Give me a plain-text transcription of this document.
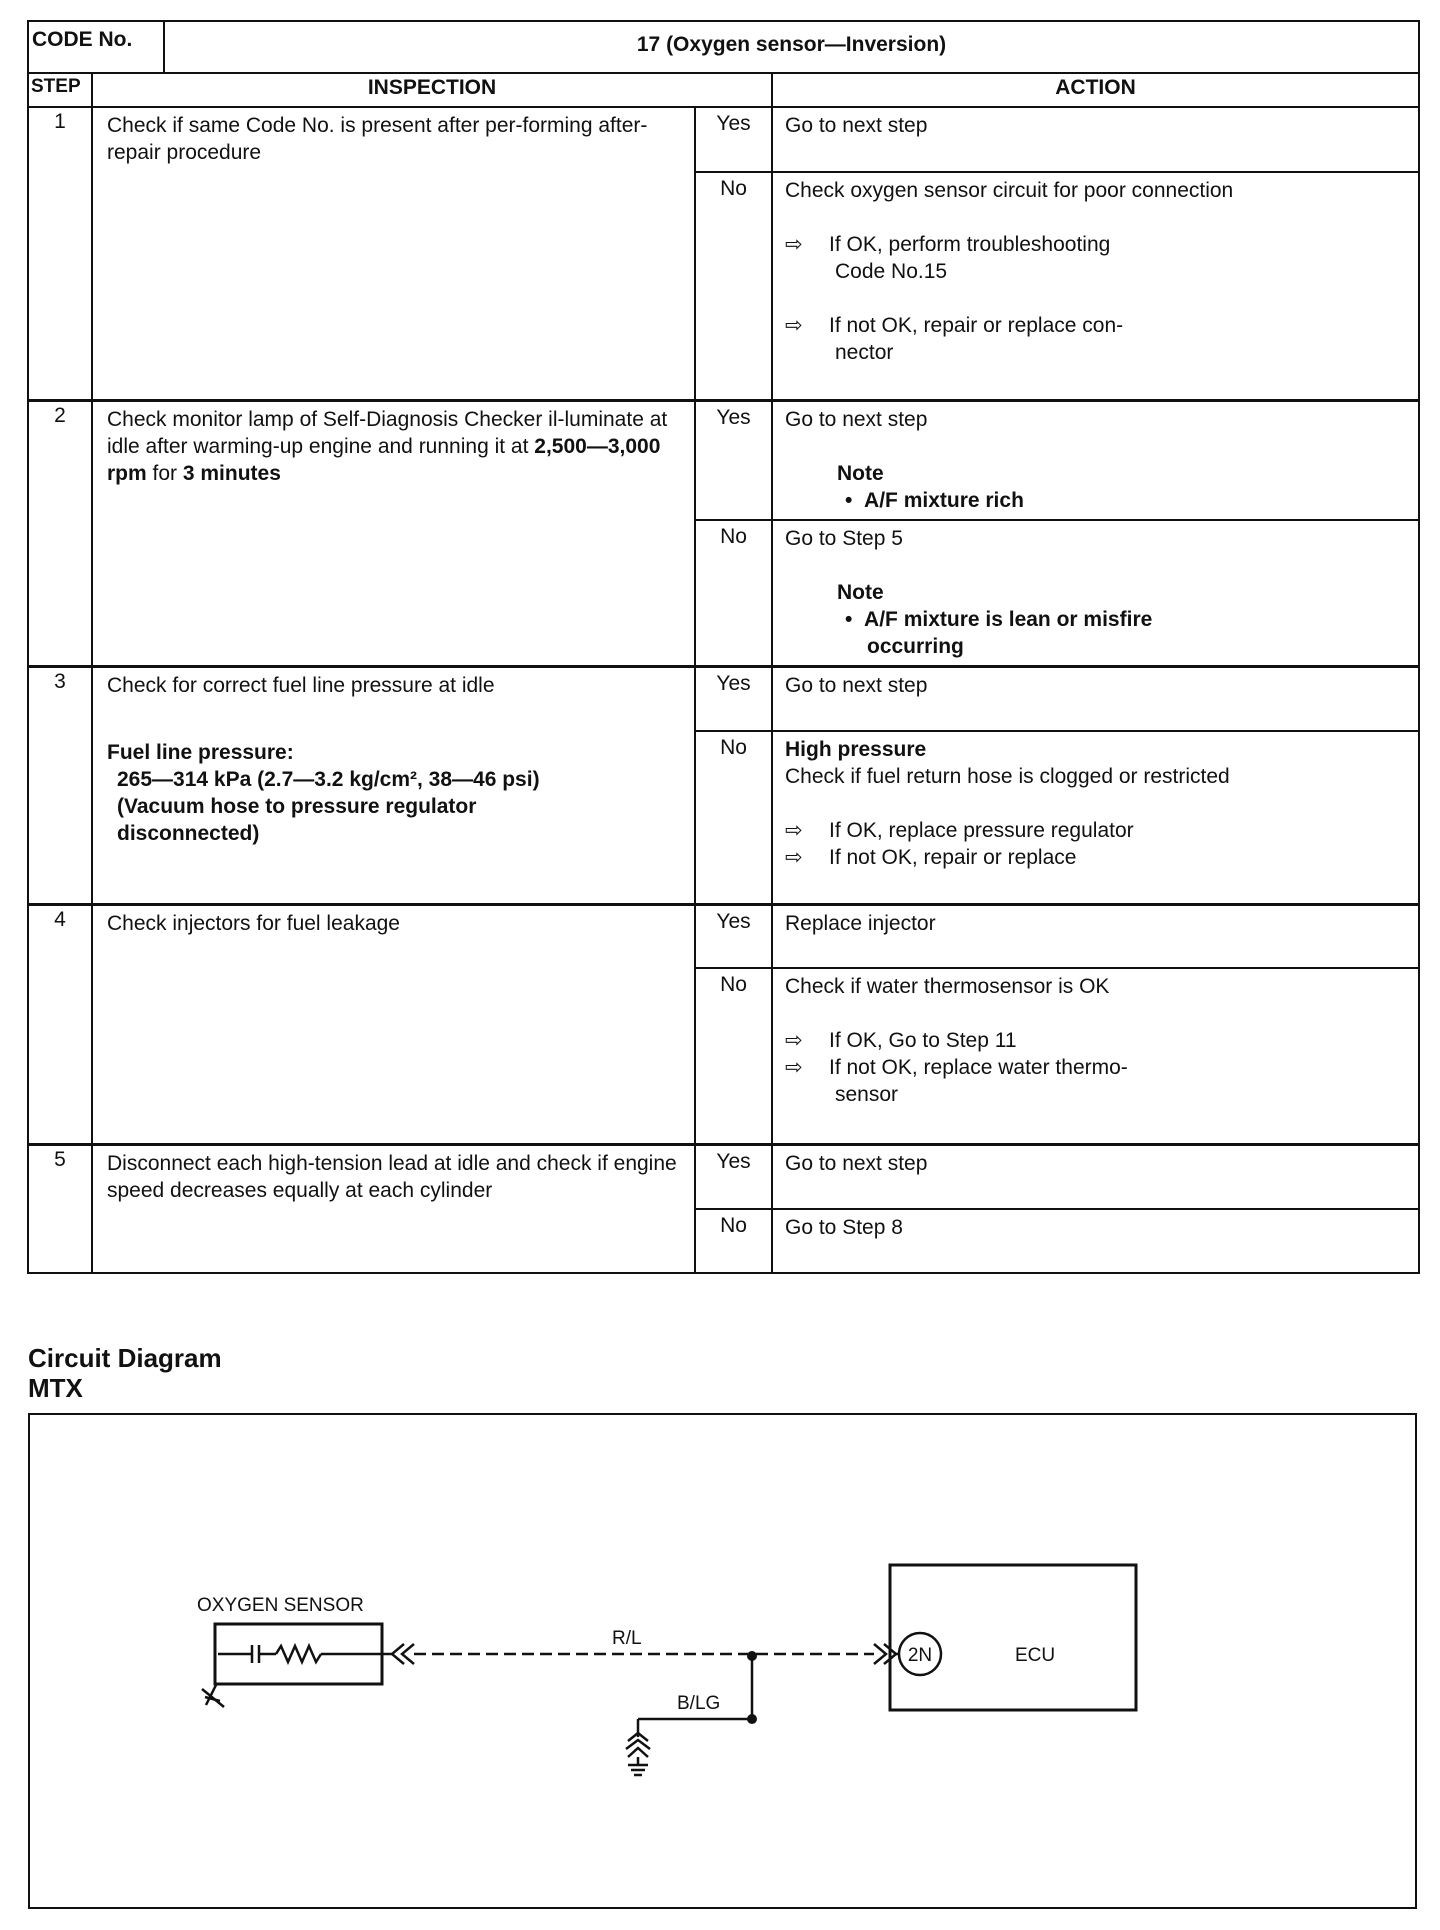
CODE No.		17 (Oxygen sensor—Inversion)		
STEP	INSPECTION			ACTION
1	Check if same Code No. is present after per-forming after-repair procedure		Yes	Go to next step
			No	Check oxygen sensor circuit for poor connection
⇨ If OK, perform troubleshooting
Code No.15
⇨ If not OK, repair or replace con-
nector

2	Check monitor lamp of Self-Diagnosis Checker il-luminate at idle after warming-up engine and running it at 2,500—3,000 rpm for 3 minutes		Yes	Go to next step
Note
•  A/F mixture rich

			No	Go to Step 5
Note
•  A/F mixture is lean or misfire
occurring

3	Check for correct fuel line pressure at idle
Fuel line pressure:
265—314 kPa (2.7—3.2 kg/cm², 38—46 psi)
(Vacuum hose to pressure regulator
disconnected)		Yes	Go to next step
			No	High pressure
Check if fuel return hose is clogged or restricted
⇨ If OK, replace pressure regulator
⇨ If not OK, repair or replace

4	Check injectors for fuel leakage		Yes	Replace injector
			No	Check if water thermosensor is OK
⇨ If OK, Go to Step 11
⇨ If not OK, replace water thermo-
sensor

5	Disconnect each high-tension lead at idle and check if engine speed decreases equally at each cylinder		Yes	Go to next step
			No	Go to Step 8
Circuit Diagram
MTX
OXYGEN SENSOR
R/L
B/LG
2N	ECU
